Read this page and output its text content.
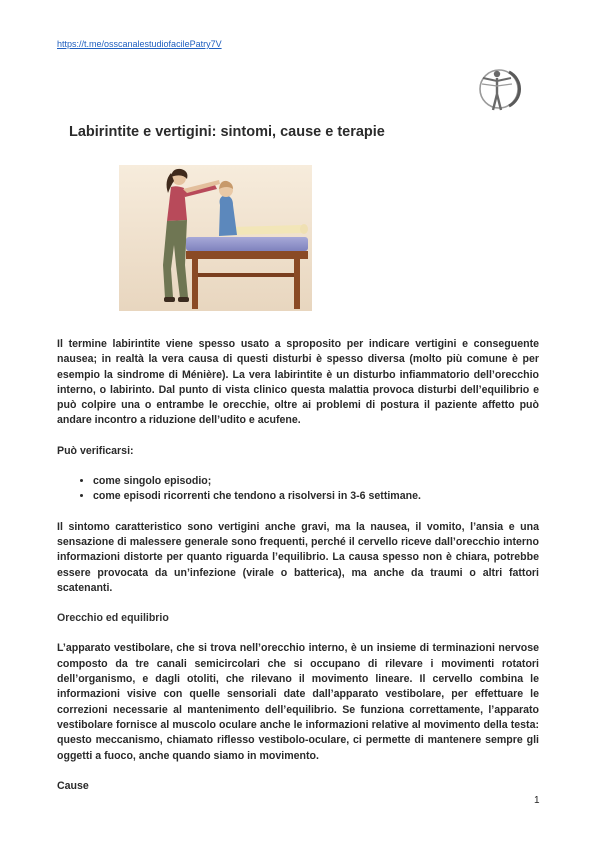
https://t.me/osscanalestudiofacilePatry7V
Labirintite e vertigini: sintomi, cause e terapie

Il termine labirintite viene spesso usato a sproposito per indicare vertigini e conseguente nausea; in realtà la vera causa di questi disturbi è spesso diversa (molto più comune è per esempio la sindrome di Ménière). La vera labirintite è un disturbo infiammatorio dell’orecchio interno, o labirinto. Dal punto di vista clinico questa malattia provoca disturbi dell’equilibrio e può colpire una o entrambe le orecchie, oltre ai problemi di postura il paziente affetto può andare incontro a riduzione dell’udito e acufene.

Può verificarsi:
• come singolo episodio;
• come episodi ricorrenti che tendono a risolversi in 3-6 settimane.

Il sintomo caratteristico sono vertigini anche gravi, ma la nausea, il vomito, l’ansia e una sensazione di malessere generale sono frequenti, perché il cervello riceve dall’orecchio interno informazioni distorte per quanto riguarda l’equilibrio. La causa spesso non è chiara, potrebbe essere provocata da un’infezione (virale o batterica), ma anche da traumi o altri fattori scatenanti.

Orecchio ed equilibrio

L’apparato vestibolare, che si trova nell’orecchio interno, è un insieme di terminazioni nervose composto da tre canali semicircolari che si occupano di rilevare i movimenti rotatori dell’organismo, e dagli otoliti, che rilevano il movimento lineare. Il cervello combina le informazioni visive con quelle sensoriali date dall’apparato vestibolare, per effettuare le correzioni necessarie al mantenimento dell’equilibrio. Se funziona correttamente, l’apparato vestibolare fornisce al muscolo oculare anche le informazioni relative al movimento della testa: questo meccanismo, chiamato riflesso vestibolo-oculare, ci permette di mantenere sempre gli oggetti a fuoco, anche quando siamo in movimento.

Cause
1
